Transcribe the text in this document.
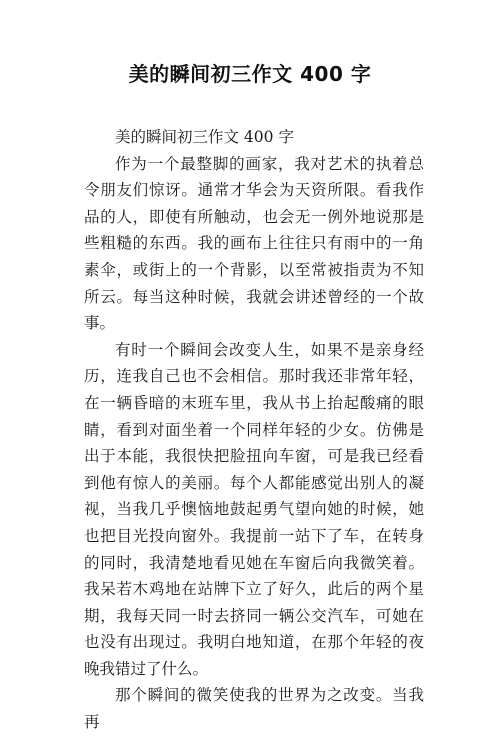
美的瞬间初三作文 400 字

美的瞬间初三作文 400 字

作为一个最整脚的画家，我对艺术的执着总令朋友们惊讶。通常才华会为天资所限。看我作品的人，即使有所触动，也会无一例外地说那是些粗糙的东西。我的画布上往往只有雨中的一角素伞，或街上的一个背影，以至常被指责为不知所云。每当这种时候，我就会讲述曾经的一个故事。

有时一个瞬间会改变人生，如果不是亲身经历，连我自己也不会相信。那时我还非常年轻，在一辆昏暗的末班车里，我从书上抬起酸痛的眼睛，看到对面坐着一个同样年轻的少女。仿佛是出于本能，我很快把脸扭向车窗，可是我已经看到他有惊人的美丽。每个人都能感觉出别人的凝视，当我几乎懊恼地鼓起勇气望向她的时候，她也把目光投向窗外。我提前一站下了车，在转身的同时，我清楚地看见她在车窗后向我微笑着。我呆若木鸡地在站牌下立了好久，此后的两个星期，我每天同一时去挤同一辆公交汽车，可她在也没有出现过。我明白地知道，在那个年轻的夜晚我错过了什么。

那个瞬间的微笑使我的世界为之改变。当我再
